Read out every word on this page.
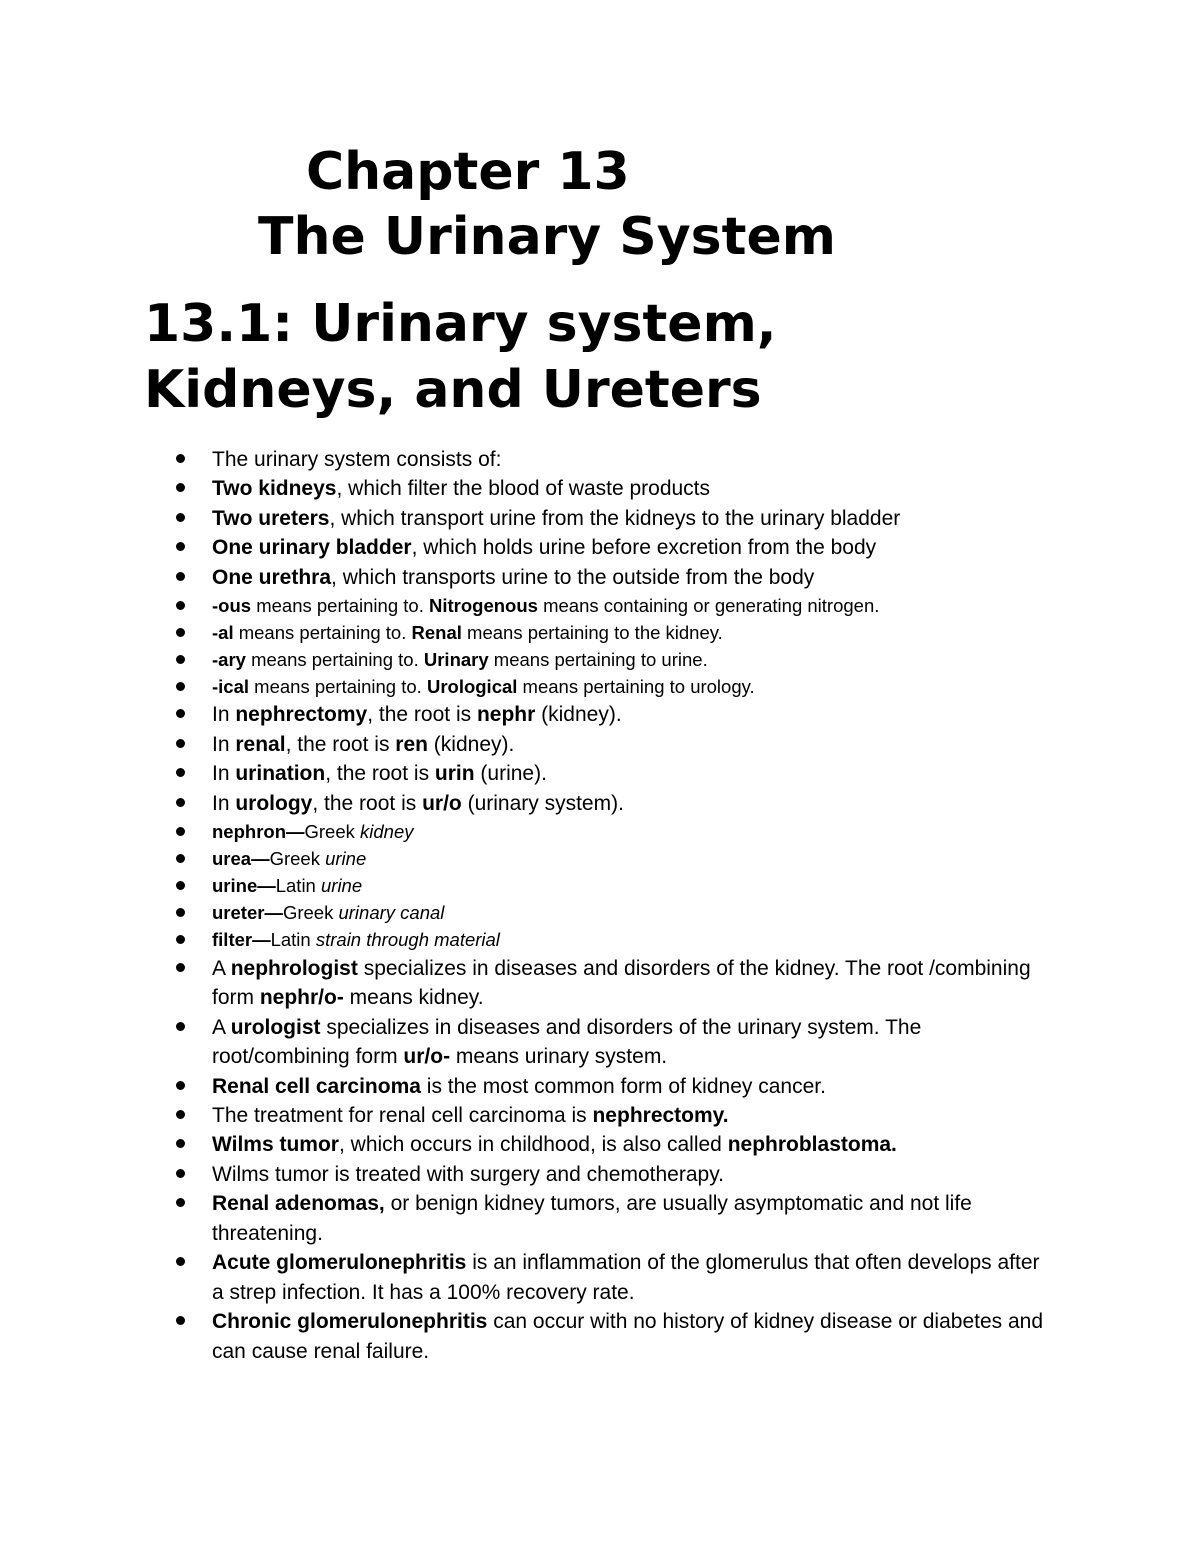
Chapter 13
The Urinary System
13.1: Urinary system,
Kidneys, and Ureters
The urinary system consists of:
Two kidneys, which filter the blood of waste products
Two ureters, which transport urine from the kidneys to the urinary bladder
One urinary bladder, which holds urine before excretion from the body
One urethra, which transports urine to the outside from the body
-ous means pertaining to. Nitrogenous means containing or generating nitrogen.
-al means pertaining to. Renal means pertaining to the kidney.
-ary means pertaining to. Urinary means pertaining to urine.
-ical means pertaining to. Urological means pertaining to urology.
In nephrectomy, the root is nephr (kidney).
In renal, the root is ren (kidney).
In urination, the root is urin (urine).
In urology, the root is ur/o (urinary system).
nephron—Greek kidney
urea—Greek urine
urine—Latin urine
ureter—Greek urinary canal
filter—Latin strain through material
A nephrologist specializes in diseases and disorders of the kidney. The root /combining form nephr/o- means kidney.
A urologist specializes in diseases and disorders of the urinary system. The root/combining form ur/o- means urinary system.
Renal cell carcinoma is the most common form of kidney cancer.
The treatment for renal cell carcinoma is nephrectomy.
Wilms tumor, which occurs in childhood, is also called nephroblastoma.
Wilms tumor is treated with surgery and chemotherapy.
Renal adenomas, or benign kidney tumors, are usually asymptomatic and not life threatening.
Acute glomerulonephritis is an inflammation of the glomerulus that often develops after a strep infection. It has a 100% recovery rate.
Chronic glomerulonephritis can occur with no history of kidney disease or diabetes and can cause renal failure.
